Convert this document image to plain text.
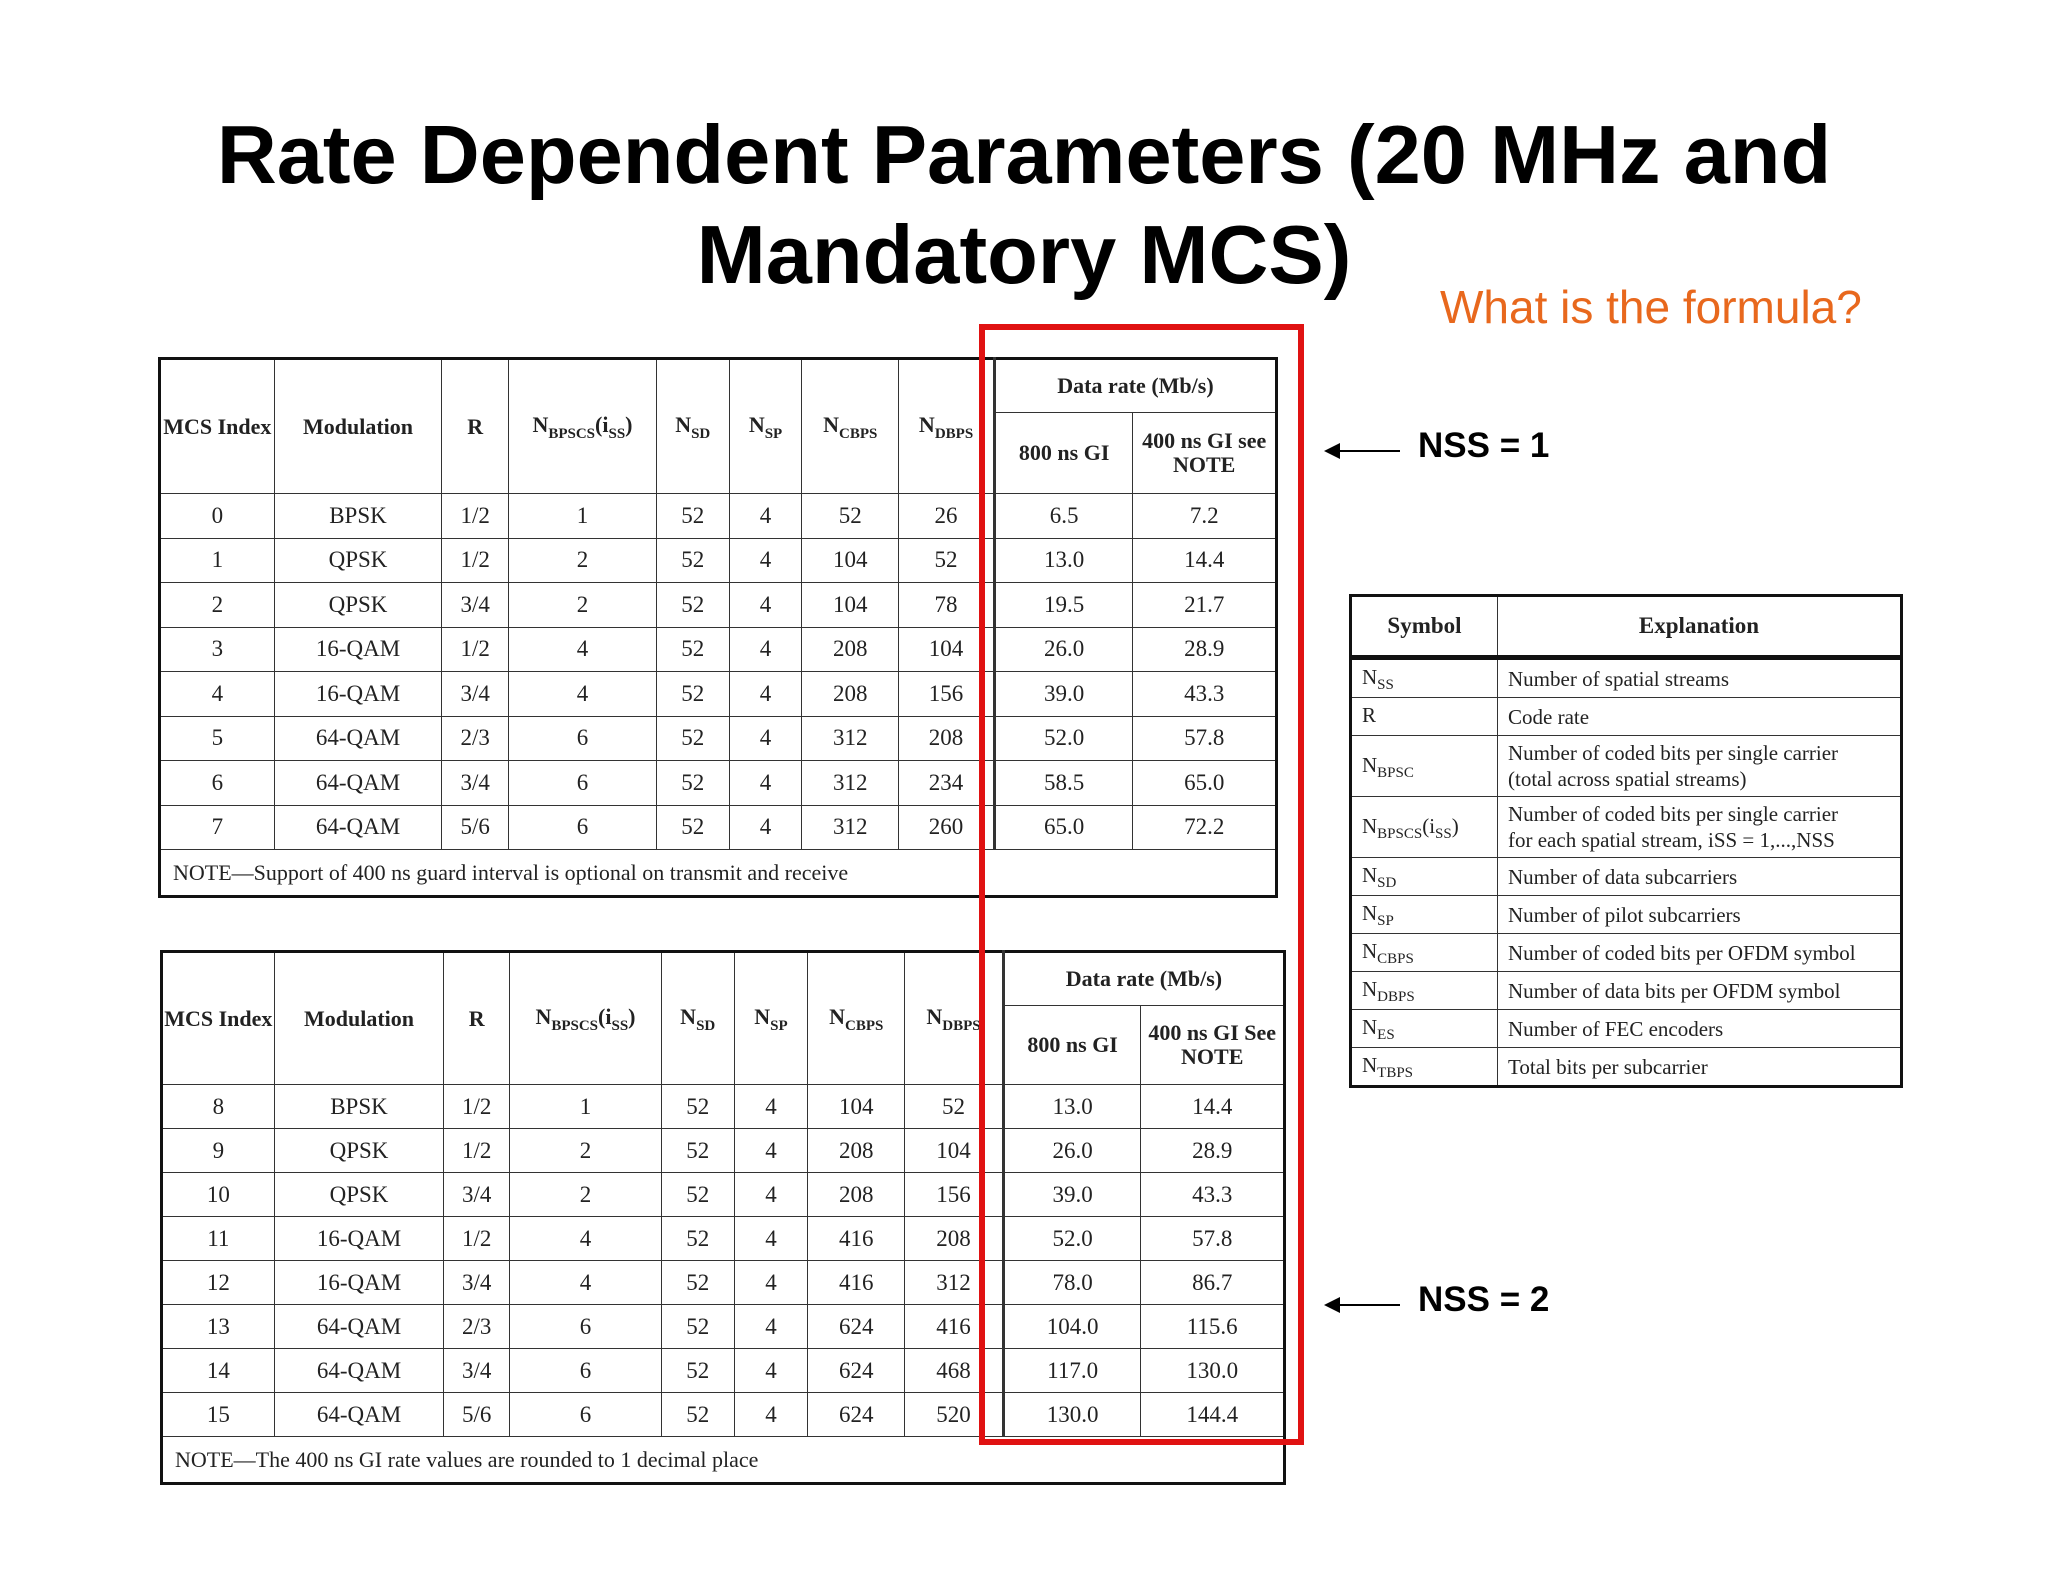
Rate Dependent Parameters (20 MHz and Mandatory MCS)
What is the formula?
MCS Index	Modulation	R	$N_{BPSCS}(i_{SS})$	$N_{SD}$	$N_{SP}$	$N_{CBPS}$	$N_{DBPS}$	Data rate (Mb/s)	
								800 ns GI	400 ns GI see NOTE
0	BPSK	1/2	1	52	4	52	26	6.5	7.2
1	QPSK	1/2	2	52	4	104	52	13.0	14.4
2	QPSK	3/4	2	52	4	104	78	19.5	21.7
3	16-QAM	1/2	4	52	4	208	104	26.0	28.9
4	16-QAM	3/4	4	52	4	208	156	39.0	43.3
5	64-QAM	2/3	6	52	4	312	208	52.0	57.8
6	64-QAM	3/4	6	52	4	312	234	58.5	65.0
7	64-QAM	5/6	6	52	4	312	260	65.0	72.2
NOTE—Support of 400 ns guard interval is optional on transmit and receive									
MCS Index	Modulation	R	$N_{BPSCS}(i_{SS})$	$N_{SD}$	$N_{SP}$	$N_{CBPS}$	$N_{DBPS}$	Data rate (Mb/s)	
								800 ns GI	400 ns GI See NOTE
8	BPSK	1/2	1	52	4	104	52	13.0	14.4
9	QPSK	1/2	2	52	4	208	104	26.0	28.9
10	QPSK	3/4	2	52	4	208	156	39.0	43.3
11	16-QAM	1/2	4	52	4	416	208	52.0	57.8
12	16-QAM	3/4	4	52	4	416	312	78.0	86.7
13	64-QAM	2/3	6	52	4	624	416	104.0	115.6
14	64-QAM	3/4	6	52	4	624	468	117.0	130.0
15	64-QAM	5/6	6	52	4	624	520	130.0	144.4
NOTE—The 400 ns GI rate values are rounded to 1 decimal place									
Symbol	Explanation
$N_{SS}$	Number of spatial streams

R	Code rate

$N_{BPSC}$	Number of coded bits per single carrier
(total across spatial streams)

$N_{BPSCS}(i_{SS})$	Number of coded bits per single carrier
for each spatial stream, iSS = 1,...,NSS

$N_{SD}$	Number of data subcarriers

$N_{SP}$	Number of pilot subcarriers

$N_{CBPS}$	Number of coded bits per OFDM symbol

$N_{DBPS}$	Number of data bits per OFDM symbol

$N_{ES}$	Number of FEC encoders

$N_{TBPS}$	Total bits per subcarrier
NSS = 1
NSS = 2
